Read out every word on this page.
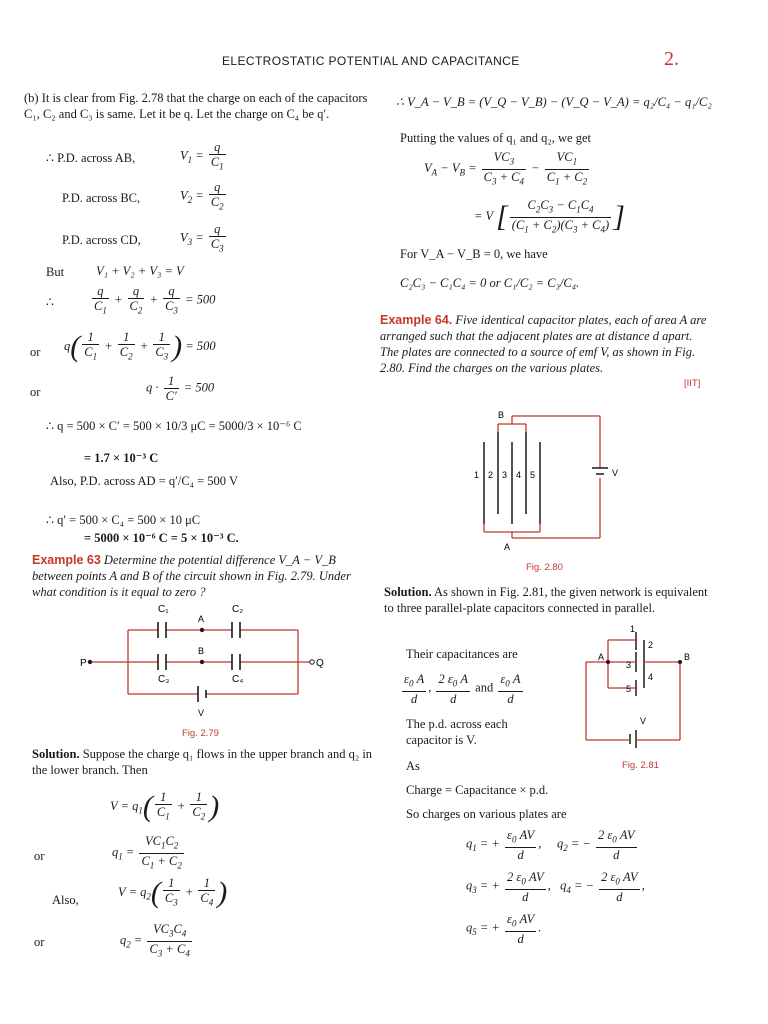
ELECTROSTATIC POTENTIAL AND CAPACITANCE	2.
(b) It is clear from Fig. 2.78 that the charge on each of the capacitors C₁, C₂ and C₃ is same. Let it be q. Let the charge on C₄ be q′.
∴ P.D. across AB,	$V_1 = \frac{q}{C_1}$
P.D. across BC,	$V_2 = \frac{q}{C_2}$
P.D. across CD,	$V_3 = \frac{q}{C_3}$
But	V₁ + V₂ + V₃ = V
∴	$\frac{q}{C_1} + \frac{q}{C_2} + \frac{q}{C_3} = 500$
or $q( \frac{1}{C_1} + \frac{1}{C_2} + \frac{1}{C_3}$ ) = 500
or	$q \cdot \frac{1}{C'} = 500$
∴ q = 500 × C′ = 500 × 10/3 μC = 5000/3 × 10⁻⁶ C
= 1.7 × 10⁻³ C
Also, P.D. across AD = q′/C₄ = 500 V
∴ q′ = 500 × C₄ = 500 × 10 μC
= 5000 × 10⁻⁶ C = 5 × 10⁻³ C.
Example 63 Determine the potential difference V_A − V_B between points A and B of the circuit shown in Fig. 2.79. Under what condition is it equal to zero ?
C₁	C₂
A
B
C₃	C₄
P	Q
V
Fig. 2.79
Solution. Suppose the charge q₁ flows in the upper branch and q₂ in the lower branch. Then
$V = q_1( \frac{1}{C_1} + \frac{1}{C_2}$ )
or	$q_1 = \frac{VC_1C_2}{C_1 + C_2}$
Also,
$V = q_2( \frac{1}{C_3} + \frac{1}{C_4}$ )
or	$q_2 = \frac{VC_3C_4}{C_3 + C_4}$
∴ V_A − V_B = (V_Q − V_B) − (V_Q − V_A) = q₂/C₄ − q₁/C₂
Putting the values of q₁ and q₂, we get
$V_A - V_B = \frac{VC_3}{C_3 + C_4} - \frac{VC_1}{C_1 + C_2}$
= V [ $\frac{C_2C_3 - C_1C_4}{(C_1 + C_2)(C_3 + C_4)}$ ]
For V_A − V_B = 0, we have
C₂C₃ − C₁C₄ = 0 or C₁/C₂ = C₃/C₄.
Example 64. Five identical capacitor plates, each of area A are arranged such that the adjacent plates are at distance d apart. The plates are connected to a source of emf V, as shown in Fig. 2.80. Find the charges on the various plates.
[IIT]
B
A
1 2 3 4 5	V
Fig. 2.80
Solution. As shown in Fig. 2.81, the given network is equivalent to three parallel-plate capacitors connected in parallel.
Their capacitances are
$\frac{\varepsilon_0 A}{d}$ , $\frac{2 \varepsilon_0 A}{d}$ and $\frac{\varepsilon_0 A}{d}$
The p.d. across each capacitor is V.
A	B
1
2
3
4
5
V
Fig. 2.81
As
Charge = Capacitance × p.d.
So charges on various plates are
$q_1$ = + $\frac{\varepsilon_0 AV}{d}$ ,     $q_2$ = − $\frac{2 \varepsilon_0 AV}{d}$
$q_3$ = + $\frac{2 \varepsilon_0 AV}{d}$ ,   $q_4$ = − $\frac{2 \varepsilon_0 AV}{d}$ ,
$q_5$ = + $\frac{\varepsilon_0 AV}{d}$ .
